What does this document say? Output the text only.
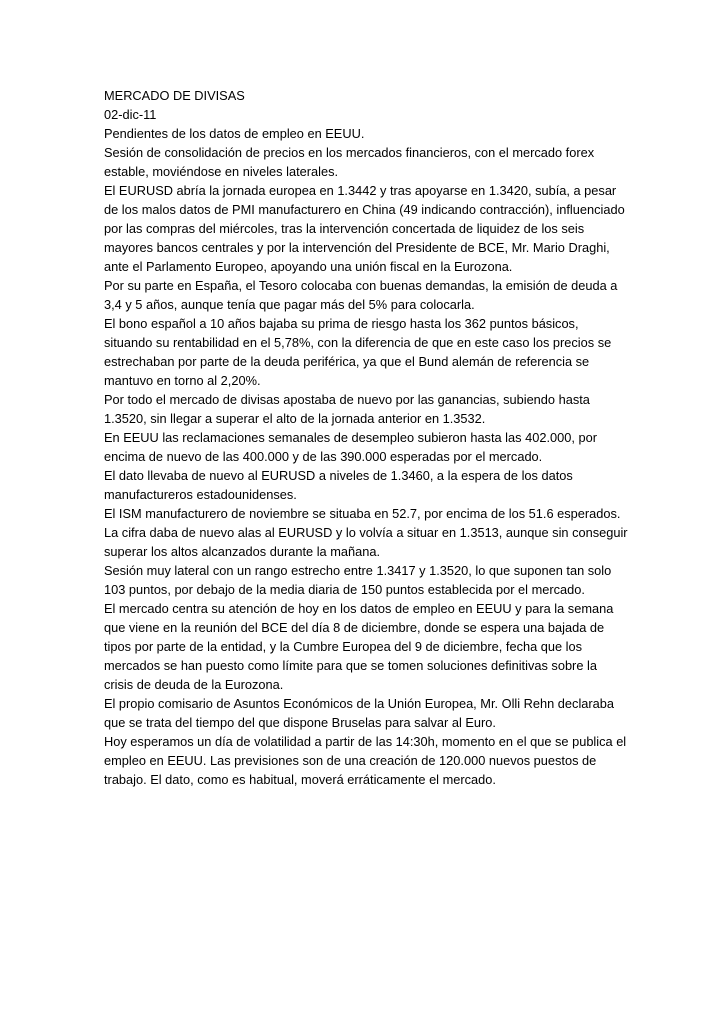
MERCADO DE DIVISAS

02-dic-11

Pendientes de los datos de empleo en EEUU.

Sesión de consolidación de precios en los mercados financieros, con el mercado forex estable, moviéndose en niveles laterales.

El EURUSD abría la jornada europea en 1.3442 y tras apoyarse en 1.3420, subía, a pesar de los malos datos de PMI manufacturero en China (49 indicando contracción), influenciado por las compras del miércoles, tras la intervención concertada de liquidez de los seis mayores bancos centrales y por la intervención del Presidente de BCE, Mr. Mario Draghi, ante el Parlamento Europeo, apoyando una unión fiscal en la Eurozona.

Por su parte en España, el Tesoro colocaba con buenas demandas, la emisión de deuda a 3,4 y 5 años, aunque tenía que pagar más del 5% para colocarla.

El bono español a 10 años bajaba su prima de riesgo hasta los 362 puntos básicos, situando su rentabilidad en el 5,78%, con la diferencia de que en este caso los precios se estrechaban por parte de la deuda periférica, ya que el Bund alemán de referencia se mantuvo en torno al 2,20%.

Por todo el mercado de divisas apostaba de nuevo por las ganancias, subiendo hasta 1.3520, sin llegar a superar el alto de la jornada anterior en 1.3532.

En EEUU las reclamaciones semanales de desempleo subieron hasta las 402.000, por encima de nuevo de las 400.000 y de las 390.000 esperadas por el mercado.

El dato llevaba de nuevo al EURUSD a niveles de 1.3460, a la espera de los datos manufactureros estadounidenses.

El ISM manufacturero de noviembre se situaba en 52.7, por encima de los 51.6 esperados. La cifra daba de nuevo alas al EURUSD y lo volvía a situar en 1.3513, aunque sin conseguir superar los altos alcanzados durante la mañana.

Sesión muy lateral con un rango estrecho entre 1.3417 y 1.3520, lo que suponen tan solo 103 puntos, por debajo de la media diaria de 150 puntos establecida por el mercado.

El mercado centra su atención de hoy en los datos de empleo en EEUU y para la semana que viene en la reunión del BCE del día 8 de diciembre, donde se espera una bajada de tipos por parte de la entidad, y la Cumbre Europea del 9 de diciembre, fecha que los mercados se han puesto como límite para que se tomen soluciones definitivas sobre la crisis de deuda de la Eurozona.

El propio comisario de Asuntos Económicos de la Unión Europea, Mr. Olli Rehn declaraba que se trata del tiempo del que dispone Bruselas para salvar al Euro.

Hoy esperamos un día de volatilidad a partir de las 14:30h, momento en el que se publica el empleo en EEUU. Las previsiones son de una creación de 120.000 nuevos puestos de trabajo. El dato, como es habitual, moverá erráticamente el mercado.
